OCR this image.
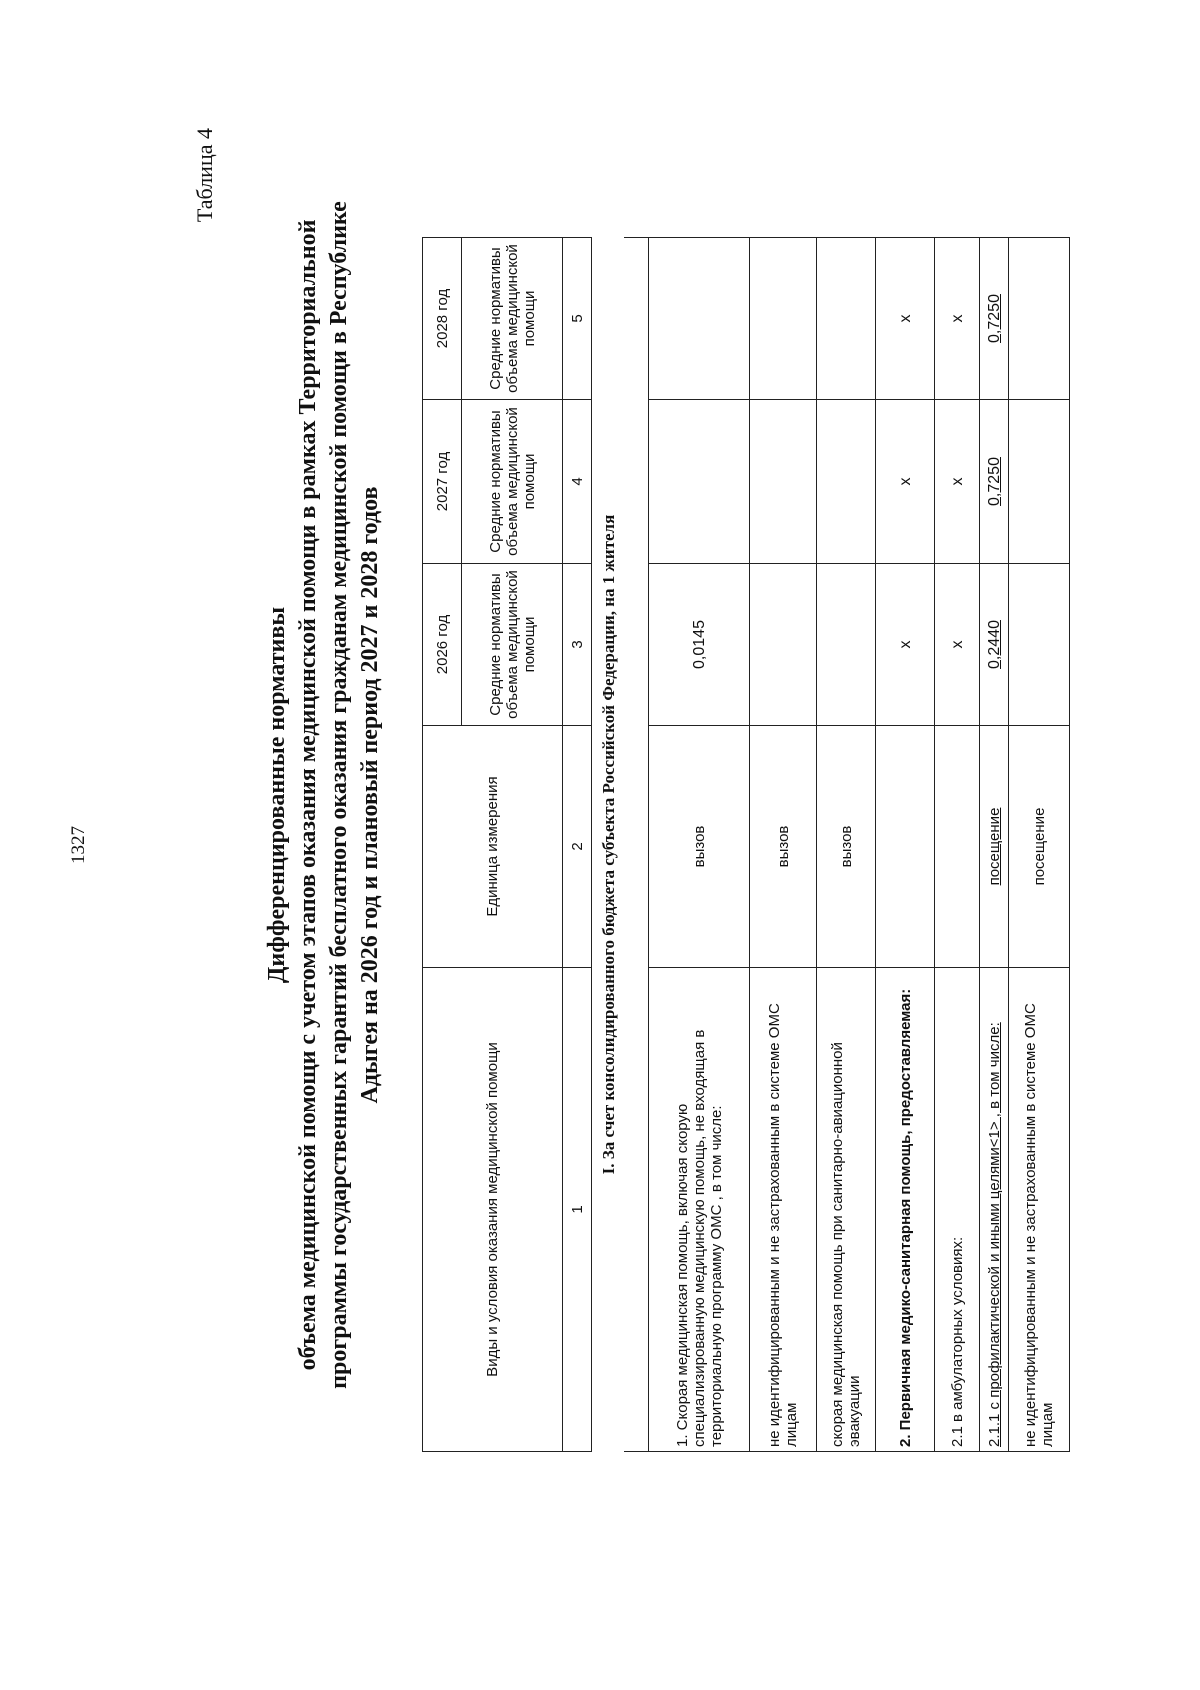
1327
Таблица 4
Дифференцированные нормативы объема медицинской помощи с учетом этапов оказания медицинской помощи в рамках Территориальной программы государственных гарантий бесплатного оказания гражданам медицинской помощи в Республике Адыгея на 2026 год и плановый период 2027 и 2028 годов
Виды и условия оказания медицинской помощи	Единица измерения	2026 год	2027 год	2028 год
		Средние нормативы объема медицинской помощи	Средние нормативы объема медицинской помощи	Средние нормативы объема медицинской помощи
1	2	3	4	5
I. За счет консолидированного бюджета субъекта Российской Федерации, на 1 жителя				

1. Скорая медицинская помощь, включая скорую специализированную медицинскую помощь, не входящая в территориальную программу ОМС , в том числе:	вызов	0,0145		
не идентифицированным и не застрахованным в системе ОМС лицам	вызов			
скорая медицинская помощь при санитарно-авиационной эвакуации	вызов			
2. Первичная медико-санитарная помощь, предоставляемая:		х	х	х
2.1 в амбулаторных условиях:		х	х	х
2.1.1 с профилактической и иными целями<1> , в том числе:	посещение	0,2440	0,7250	0,7250
не идентифицированным и не застрахованным в системе ОМС лицам	посещение			
